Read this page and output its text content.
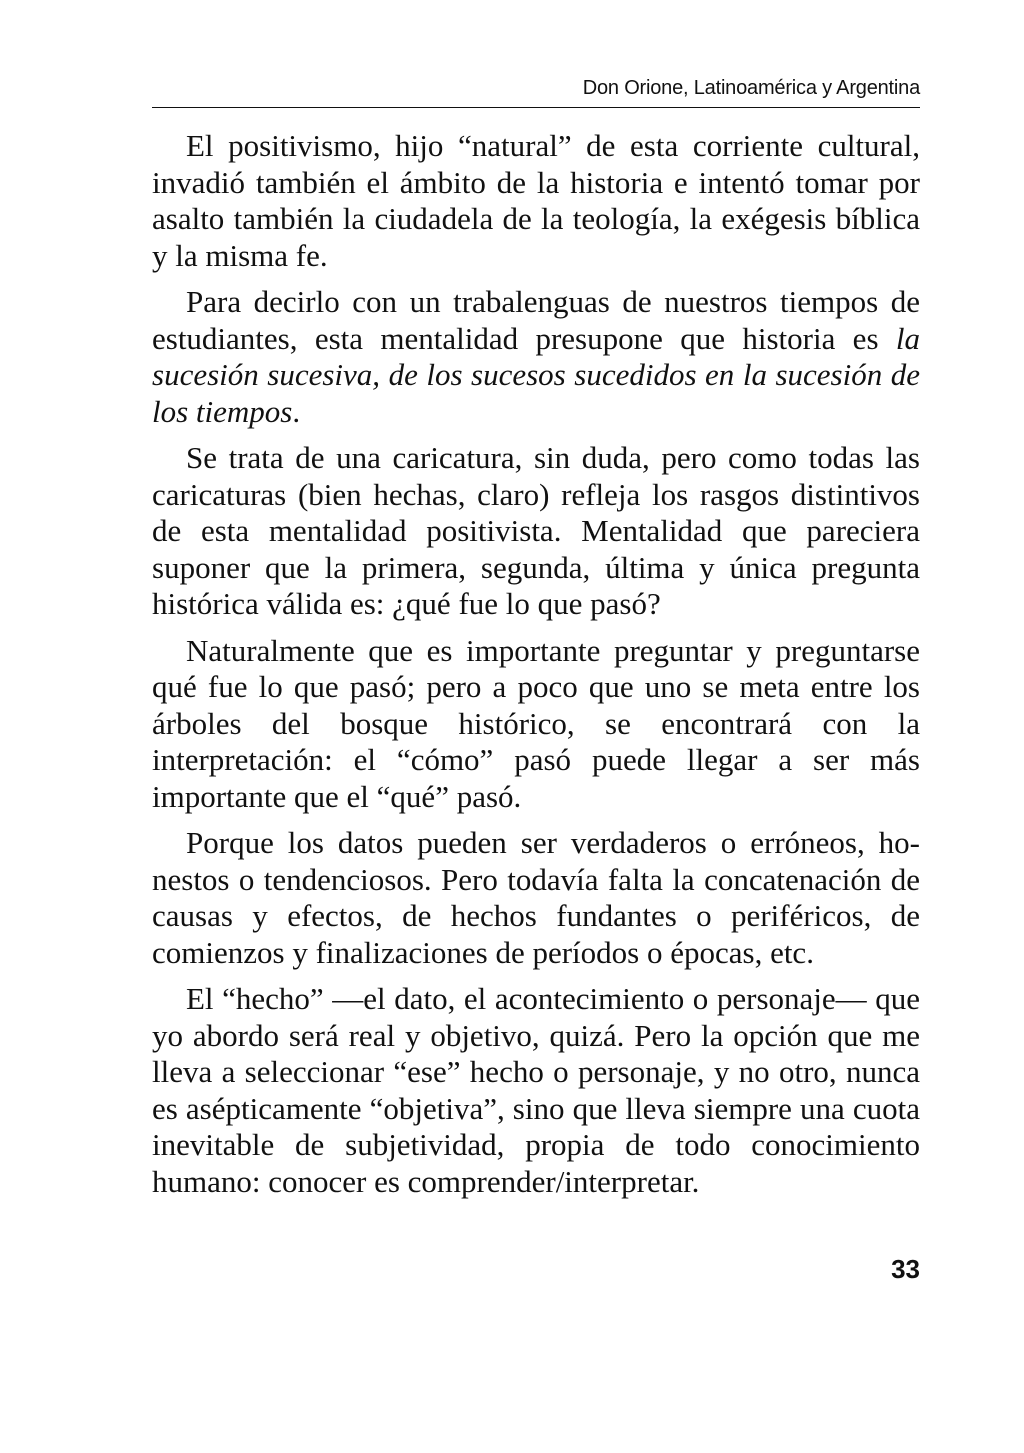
Don Orione, Latinoamérica y Argentina

El positivismo, hijo “natural” de esta corriente cultural, invadió también el ámbito de la historia e intentó tomar por asalto también la ciudadela de la teología, la exégesis bíblica y la misma fe.

Para decirlo con un trabalenguas de nuestros tiempos de estudiantes, esta mentalidad presupone que historia es la sucesión sucesiva, de los sucesos sucedidos en la sucesión de los tiempos.

Se trata de una caricatura, sin duda, pero como todas las caricaturas (bien hechas, claro) refleja los rasgos distintivos de esta mentalidad positivista. Mentalidad que pareciera suponer que la primera, segunda, última y única pregunta histórica válida es: ¿qué fue lo que pasó?

Naturalmente que es importante preguntar y preguntarse qué fue lo que pasó; pero a poco que uno se meta entre los árboles del bosque histórico, se encontrará con la interpretación: el “cómo” pasó puede llegar a ser más importante que el “qué” pasó.

Porque los datos pueden ser verdaderos o erróneos, honestos o tendenciosos. Pero todavía falta la concatenación de causas y efectos, de hechos fundantes o periféricos, de comienzos y finalizaciones de períodos o épocas, etc.

El “hecho” —el dato, el acontecimiento o personaje— que yo abordo será real y objetivo, quizá. Pero la opción que me lleva a seleccionar “ese” hecho o personaje, y no otro, nunca es asépticamente “objetiva”, sino que lleva siempre una cuota inevitable de subjetividad, propia de todo conocimiento humano: conocer es comprender/interpretar.

33
